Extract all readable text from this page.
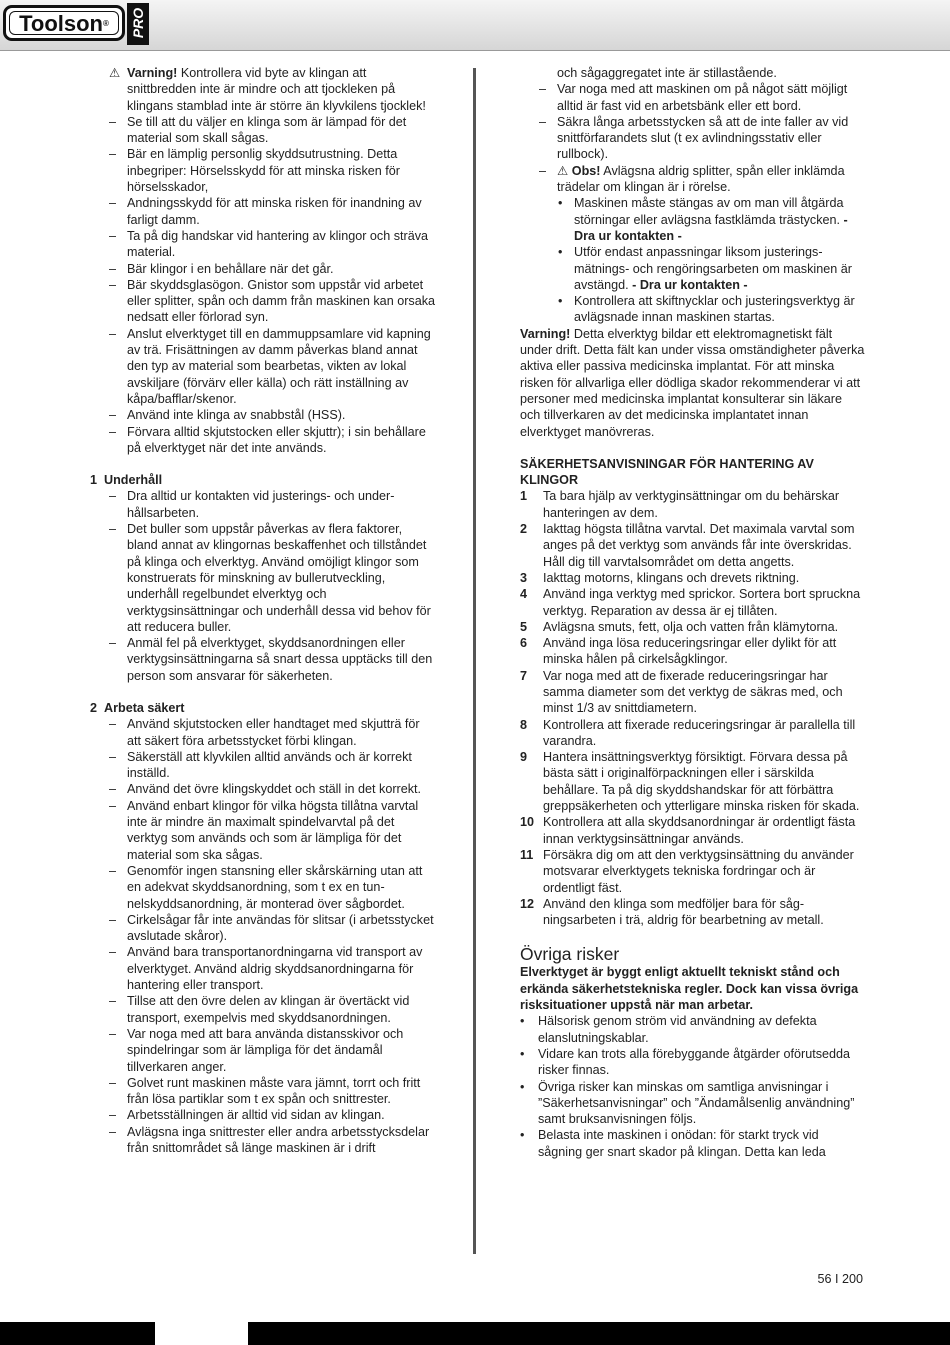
Toolson®	PRO
⚠ Varning! Kontrollera vid byte av klingan att snittbredden inte är mindre och att tjockleken på klingans stamblad inte är större än klyvkilens tjocklek!
– Se till att du väljer en klinga som är lämpad för det material som skall sågas.
– Bär en lämplig personlig skyddsutrustning. Detta inbegriper: Hörselsskydd för att minska risken för hörselsskador,
– Andningsskydd för att minska risken för inandning av farligt damm.
– Ta på dig handskar vid hantering av klingor och sträva material.
– Bär klingor i en behållare när det går.
– Bär skyddsglasögon. Gnistor som uppstår vid arbetet eller splitter, spån och damm från maskinen kan orsaka nedsatt eller förlorad syn.
– Anslut elverktyget till en dammuppsamlare vid kapning av trä. Frisättningen av damm påverkas bland annat den typ av material som bearbetas, vikten av lokal avskiljare (förvärv eller källa) och rätt inställning av kåpa/bafflar/skenor.
– Använd inte klinga av snabbstål (HSS).
– Förvara alltid skjutstocken eller skjuttr); i sin behållare på elverktyget när det inte används.
1 Underhåll
– Dra alltid ur kontakten vid justerings- och underhållsarbeten.
– Det buller som uppstår påverkas av flera faktorer, bland annat av klingornas beskaffenhet och tillståndet på klinga och elverktyg. Använd omöjligt klingor som konstruerats för minskning av bullerutveckling, underhåll regelbundet elverktyg och verktygsinsättningar och underhåll dessa vid behov för att reducera buller.
– Anmäl fel på elverktyget, skyddsanordningen eller verktygsinsättningarna så snart dessa upptäcks till den person som ansvarar för säkerheten.
2 Arbeta säkert
– Använd skjutstocken eller handtaget med skjutträ för att säkert föra arbetsstycket förbi klingan.
– Säkerställ att klyvkilen alltid används och är korrekt inställd.
– Använd det övre klingskyddet och ställ in det korrekt.
– Använd enbart klingor för vilka högsta tillåtna varvtal inte är mindre än maximalt spindelvarvtal på det verktyg som används och som är lämpliga för det material som ska sågas.
– Genomför ingen stansning eller skårskärning utan att en adekvat skyddsanordning, som t ex en tunnelskyddsanordning, är monterad över sågbordet.
– Cirkelsågar får inte användas för slitsar (i arbetsstycket avslutade skåror).
– Använd bara transportanordningarna vid transport av elverktyget. Använd aldrig skyddsanordningarna för hantering eller transport.
– Tillse att den övre delen av klingan är övertäckt vid transport, exempelvis med skyddsanordningen.
– Var noga med att bara använda distansskivor och spindelringar som är lämpliga för det ändamål tillverkaren anger.
– Golvet runt maskinen måste vara jämnt, torrt och fritt från lösa partiklar som t ex spån och snittrester.
– Arbetsställningen är alltid vid sidan av klingan.
– Avlägsna inga snittrester eller andra arbetsstycksdelar från snittområdet så länge maskinen är i drift

och sågaggregatet inte är stillastående.

– Var noga med att maskinen om på något sätt möjligt alltid är fast vid en arbetsbänk eller ett bord.
– Säkra långa arbetsstycken så att de inte faller av vid snittförfarandets slut (t ex avlindningsstativ eller rullbock).
– ⚠ Obs! Avlägsna aldrig splitter, spån eller inklämda trädelar om klingan är i rörelse.
• Maskinen måste stängas av om man vill åtgärda störningar eller avlägsna fastklämda trästycken. - Dra ur kontakten -
• Utför endast anpassningar liksom justeringsmätnings- och rengöringsarbeten om maskinen är avstängd. - Dra ur kontakten -
• Kontrollera att skiftnycklar och justeringsverktyg är avlägsnade innan maskinen startas.

Varning! Detta elverktyg bildar ett elektromagnetiskt fält under drift. Detta fält kan under vissa omständigheter påverka aktiva eller passiva medicinska implantat. För att minska risken för allvarliga eller dödliga skador rekommenderar vi att personer med medicinska implantat konsulterar sin läkare och tillverkaren av det medicinska implantatet innan elverktyget manövreras.

SÄKERHETSANVISNINGAR FÖR HANTERING AV KLINGOR

1 Ta bara hjälp av verktyginsättningar om du behärskar hanteringen av dem.
2 Iakttag högsta tillåtna varvtal. Det maximala varvtal som anges på det verktyg som används får inte överskridas. Håll dig till varvtalsområdet om detta angetts.
3 Iakttag motorns, klingans och drevets riktning.
4 Använd inga verktyg med sprickor. Sortera bort spruckna verktyg. Reparation av dessa är ej tillåten.
5 Avlägsna smuts, fett, olja och vatten från klämytorna.
6 Använd inga lösa reduceringsringar eller dylikt för att minska hålen på cirkelsågklingor.
7 Var noga med att de fixerade reduceringsringar har samma diameter som det verktyg de säkras med, och minst 1/3 av snittdiametern.
8 Kontrollera att fixerade reduceringsringar är parallella till varandra.
9 Hantera insättningsverktyg försiktigt. Förvara dessa på bästa sätt i originalförpackningen eller i särskilda behållare. Ta på dig skyddshandskar för att förbättra greppsäkerheten och ytterligare minska risken för skada.
10 Kontrollera att alla skyddsanordningar är ordentligt fästa innan verktygsinsättningar används.
11 Försäkra dig om att den verktygsinsättning du använder motsvarar elverktygets tekniska fordringar och är ordentligt fäst.
12 Använd den klinga som medföljer bara för sågningsarbeten i trä, aldrig för bearbetning av metall.

Övriga risker

Elverktyget är byggt enligt aktuellt tekniskt stånd och erkända säkerhetstekniska regler. Dock kan vissa övriga risksituationer uppstå när man arbetar.

• Hälsorisk genom ström vid användning av defekta elanslutningskablar.
• Vidare kan trots alla förebyggande åtgärder oförutsedda risker finnas.
• Övriga risker kan minskas om samtliga anvisningar i ”Säkerhetsanvisningar” och ”Ändamålsenlig användning” samt bruksanvisningen följs.
• Belasta inte maskinen i onödan: för starkt tryck vid sågning ger snart skador på klingan. Detta kan leda
56 I 200
